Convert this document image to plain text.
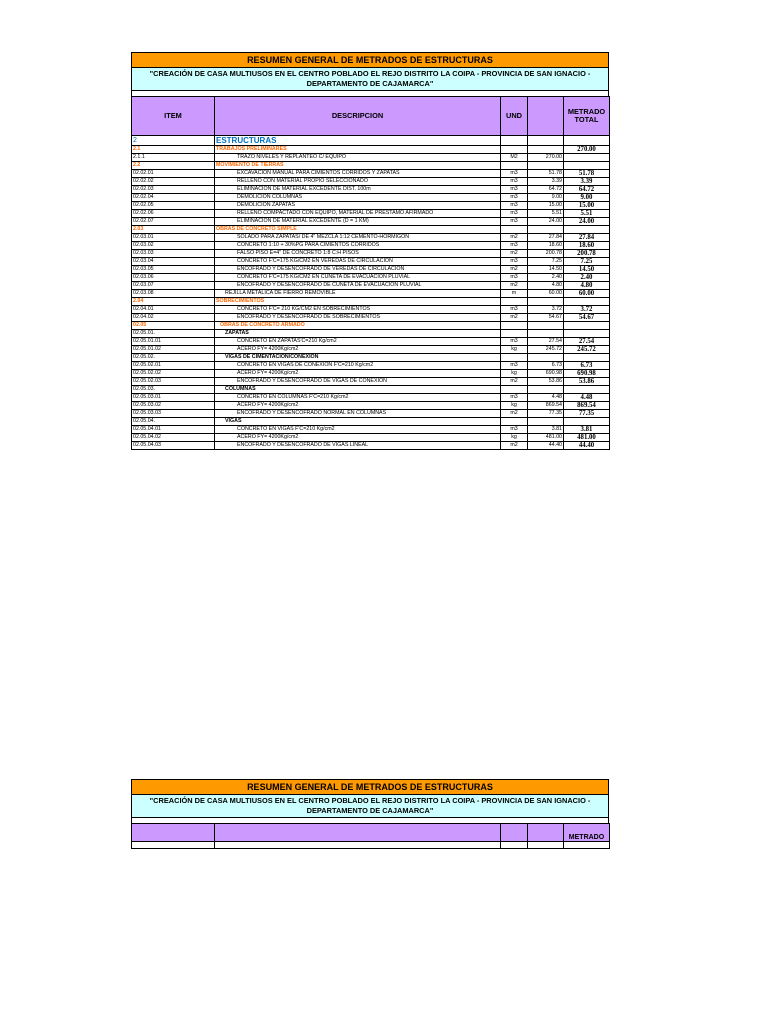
RESUMEN GENERAL DE METRADOS DE ESTRUCTURAS
"CREACIÓN DE CASA MULTIUSOS EN EL CENTRO POBLADO EL REJO DISTRITO LA COIPA - PROVINCIA DE SAN IGNACIO -
DEPARTAMENTO DE CAJAMARCA"
ITEM	DESCRIPCION	UND		METRADO
TOTAL

2	ESTRUCTURAS			
2.1	TRABAJOS PRELIMINARES			270.00
2.1.1	TRAZO NIVELES Y REPLANTEO C/ EQUIPO	M2	270.00	
2.2	MOVIMIENTO DE TIERRAS			
02.02.01	EXCAVACION MANUAL PARA CIMIENTOS CORRIDOS Y ZAPATAS	m3	51.78	51.78
02.02.02	RELLENO CON MATERIAL PROPIO SELECCIONADO	m3	3.39	3.39
02.02.03	ELIMINACION DE MATERIAL EXCEDENTE DIST. 100m	m3	64.72	64.72
02.02.04	DEMOLICION COLUMNAS	m3	9.00	9.00
02.02.05	DEMOLICION ZAPATAS	m3	15.00	15.00
02.02.06	RELLENO COMPACTADO CON EQUIPO, MATERIAL DE PRESTAMO AFIRMADO	m3	5.51	5.51
02.02.07	ELIMINACION DE MATERIAL EXCEDENTE (D = 1 KM)	m3	24.00	24.00
2.03	OBRAS DE CONCRETO SIMPLE			
02.03.01	SOLADO PARA ZAPATAS/ DE 4" MEZCLA 1:12 CEMENTO-HORMIGON	m2	27.84	27.84
02.03.02	CONCRETO 1:10 + 30%PG PARA CIMIENTOS CORRIDOS	m3	18.60	18.60
02.03.03	FALSO PISO E=4" DE CONCRETO 1:8 C:H PISOS	m2	200.78	200.78
02.03.04	CONCRETO F'C=175 KG/CM2 EN VEREDAS DE CIRCULACIÓN	m3	7.25	7.25
02.03.05	ENCOFRADO Y DESENCOFRADO DE VEREDAS DE CIRCULACIÓN	m2	14.50	14.50
02.03.06	CONCRETO F'C=175 KG/CM2 EN CUNETA DE EVACUACION PLUVIAL	m3	2.40	2.40
02.03.07	ENCOFRADO Y DESENCOFRADO DE CUNETA DE EVACUACION PLUVIAL	m2	4.80	4.80
02.03.08	REJILLA METALICA DE FIERRO REMOVIBLE	m	60.00	60.00
2.04	SOBRECIMIENTOS			
02.04.01	CONCRETO F'C= 210 KG/CM2 EN SOBRECIMIENTOS	m3	3.72	3.72
02.04.02	ENCOFRADO Y DESENCOFRADO DE SOBRECIMIENTOS	m2	54.67	54.67
02.05	OBRAS DE CONCRETO ARMADO			
02.05.01.	ZAPATAS			
02.05.01.01	CONCRETO EN ZAPATAS'C=210 Kg/cm2	m3	27.54	27.54
02.05.01.02	ACERO FY= 4200Kg/cm2	kg	245.72	245.72
02.05.02.	VIGAS DE CIMENTACION/CONEXION			
02.05.02.01	CONCRETO EN VIGAS DE CONEXION F'C=210 Kg/cm2	m3	6.73	6.73
02.05.02.02	ACERO FY= 4200Kg/cm2	kg	690.98	690.98
02.05.02.03	ENCOFRADO Y DESENCOFRADO DE VIGAS DE CONEXION	m2	53.86	53.86
02.05.03.	COLUMNAS			
02.05.03.01	CONCRETO EN COLUMNAS F'C=210 Kg/cm2	m3	4.48	4.48
02.05.03.02	ACERO FY= 4200Kg/cm2	kg	869.54	869.54
02.05.03.03	ENCOFRADO Y DESENCOFRADO NORMAL EN COLUMNAS	m2	77.35	77.35
02.05.04.	VIGAS			
02.05.04.01	CONCRETO EN VIGAS F'C=210 Kg/cm2	m3	3.81	3.81
02.05.04.02	ACERO FY= 4200Kg/cm2	kg	481.00	481.00
02.05.04.03	ENCOFRADO Y DESENCOFRADO DE VIGAS LINEAL	m2	44.40	44.40
RESUMEN GENERAL DE METRADOS DE ESTRUCTURAS
"CREACIÓN DE CASA MULTIUSOS EN EL CENTRO POBLADO EL REJO DISTRITO LA COIPA - PROVINCIA DE SAN IGNACIO -
DEPARTAMENTO DE CAJAMARCA"
				METRADO
